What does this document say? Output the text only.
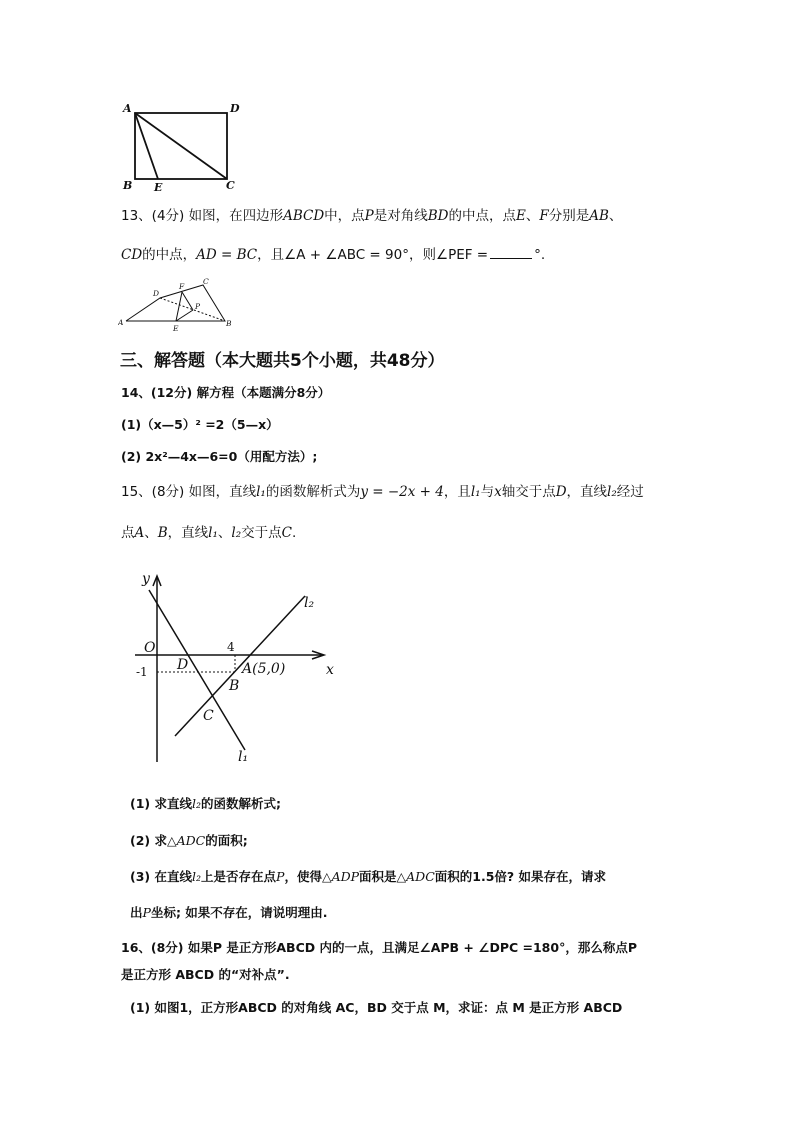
A	D
B E	C
13、(4分) 如图，在四边形ABCD中，点P是对角线BD的中点，点E、F分别是AB、
CD的中点，AD = BC，且∠A + ∠ABC = 90°，则∠PEF =	°.
A
D
F
C
P
E
B
三、解答题（本大题共5个小题，共48分）
14、(12分) 解方程（本题满分8分）
(1)（x—5）² =2（5—x）
(2) 2x²—4x—6=0（用配方法）;
15、(8分) 如图，直线l₁的函数解析式为y = −2x + 4，且l₁与x轴交于点D，直线l₂经过
点A、B，直线l₁、l₂交于点C.
y
x
O
D	A(5,0)
B
C
l₁
l₂
4
-1
(1) 求直线l₂的函数解析式;
(2) 求△ADC的面积;
(3) 在直线l₂上是否存在点P，使得△ADP面积是△ADC面积的1.5倍? 如果存在，请求
出P坐标; 如果不存在，请说明理由.
16、(8分) 如果P 是正方形ABCD 内的一点，且满足∠APB + ∠DPC =180°，那么称点P
是正方形 ABCD 的“对补点”.
(1) 如图1，正方形ABCD 的对角线 AC，BD 交于点 M，求证：点 M 是正方形 ABCD
